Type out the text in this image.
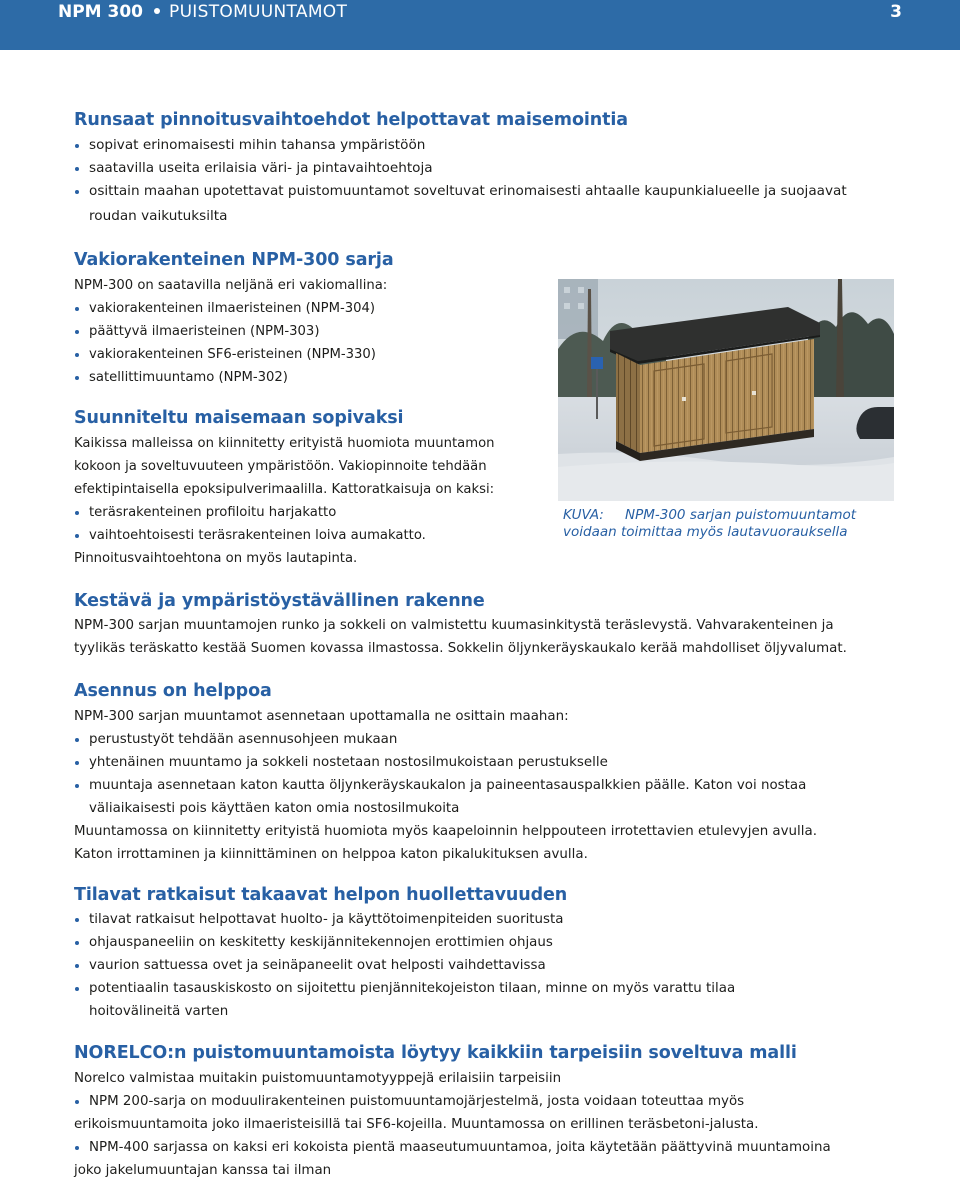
NPM 300 PUISTOMUUNTAMOT	3
Runsaat pinnoitusvaihtoehdot helpottavat maisemointia
sopivat erinomaisesti mihin tahansa ympäristöön
saatavilla useita erilaisia väri- ja pintavaihtoehtoja
osittain maahan upotettavat puistomuuntamot soveltuvat erinomaisesti ahtaalle kaupunkialueelle ja suojaavat
roudan vaikutuksilta
Vakiorakenteinen NPM-300 sarja
NPM-300 on saatavilla neljänä eri vakiomallina:
vakiorakenteinen ilmaeristeinen (NPM-304)
päättyvä ilmaeristeinen (NPM-303)
vakiorakenteinen SF6-eristeinen (NPM-330)
satellittimuuntamo (NPM-302)
Suunniteltu maisemaan sopivaksi
Kaikissa malleissa on kiinnitetty erityistä huomiota muuntamon
kokoon ja soveltuvuuteen ympäristöön. Vakiopinnoite tehdään
efektipintaisella epoksipulverimaalilla. Kattoratkaisuja on kaksi:
teräsrakenteinen profiloitu harjakatto
vaihtoehtoisesti teräsrakenteinen loiva aumakatto.
Pinnoitusvaihtoehtona on myös lautapinta.
KUVA: NPM-300 sarjan puistomuuntamot
voidaan toimittaa myös lautavuorauksella
Kestävä ja ympäristöystävällinen rakenne
NPM-300 sarjan muuntamojen runko ja sokkeli on valmistettu kuumasinkitystä teräslevystä. Vahvarakenteinen ja
tyylikäs teräskatto kestää Suomen kovassa ilmastossa. Sokkelin öljynkeräyskaukalo kerää mahdolliset öljyvalumat.
Asennus on helppoa
NPM-300 sarjan muuntamot asennetaan upottamalla ne osittain maahan:
perustustyöt tehdään asennusohjeen mukaan
yhtenäinen muuntamo ja sokkeli nostetaan nostosilmukoistaan perustukselle
muuntaja asennetaan katon kautta öljynkeräyskaukalon ja paineentasauspalkkien päälle. Katon voi nostaa
väliaikaisesti pois käyttäen katon omia nostosilmukoita
Muuntamossa on kiinnitetty erityistä huomiota myös kaapeloinnin helppouteen irrotettavien etulevyjen avulla.
Katon irrottaminen ja kiinnittäminen on helppoa katon pikalukituksen avulla.
Tilavat ratkaisut takaavat helpon huollettavuuden
tilavat ratkaisut helpottavat huolto- ja käyttötoimenpiteiden suoritusta
ohjauspaneeliin on keskitetty keskijännitekennojen erottimien ohjaus
vaurion sattuessa ovet ja seinäpaneelit ovat helposti vaihdettavissa
potentiaalin tasauskiskosto on sijoitettu pienjännitekojeiston tilaan, minne on myös varattu tilaa
hoitovälineitä varten
NORELCO:n puistomuuntamoista löytyy kaikkiin tarpeisiin soveltuva malli
Norelco valmistaa muitakin puistomuuntamotyyppejä erilaisiin tarpeisiin
NPM 200-sarja on moduulirakenteinen puistomuuntamojärjestelmä, josta voidaan toteuttaa myös
erikoismuuntamoita joko ilmaeristeisillä tai SF6-kojeilla. Muuntamossa on erillinen teräsbetoni-jalusta.
NPM-400 sarjassa on kaksi eri kokoista pientä maaseutumuuntamoa, joita käytetään päättyvinä muuntamoina
joko jakelumuuntajan kanssa tai ilman
